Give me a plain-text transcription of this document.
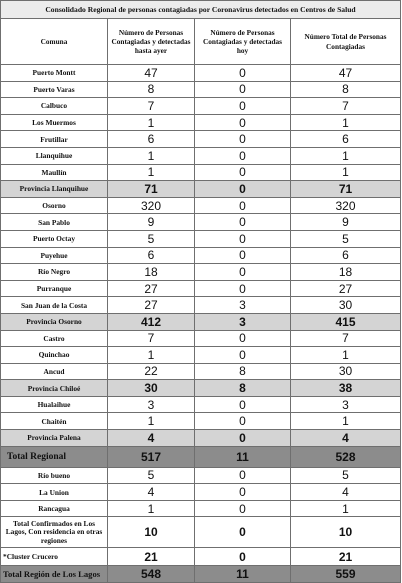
Consolidado Regional de personas contagiadas por Coronavirus detectados en Centros de Salud			
Comuna	Número de Personas Contagiadas y detectadas hasta ayer	Número de Personas Contagiadas y detectadas hoy	Número Total de Personas Contagiadas
Puerto Montt	47	0	47
Puerto Varas	8	0	8
Calbuco	7	0	7
Los Muermos	1	0	1
Frutillar	6	0	6
Llanquihue	1	0	1
Maullín	1	0	1
Provincia Llanquihue	71	0	71
Osorno	320	0	320
San Pablo	9	0	9
Puerto Octay	5	0	5
Puyehue	6	0	6
Río Negro	18	0	18
Purranque	27	0	27
San Juan de la Costa	27	3	30
Provincia Osorno	412	3	415
Castro	7	0	7
Quinchao	1	0	1
Ancud	22	8	30
Provincia Chiloé	30	8	38
Hualaihue	3	0	3
Chaitén	1	0	1
Provincia Palena	4	0	4
Total Regional	517	11	528
Río bueno	5	0	5
La Union	4	0	4
Rancagua	1	0	1
Total Confirmados en Los Lagos, Con residencia en otras regiones	10	0	10
*Cluster Crucero	21	0	21
Total Región de Los Lagos	548	11	559
